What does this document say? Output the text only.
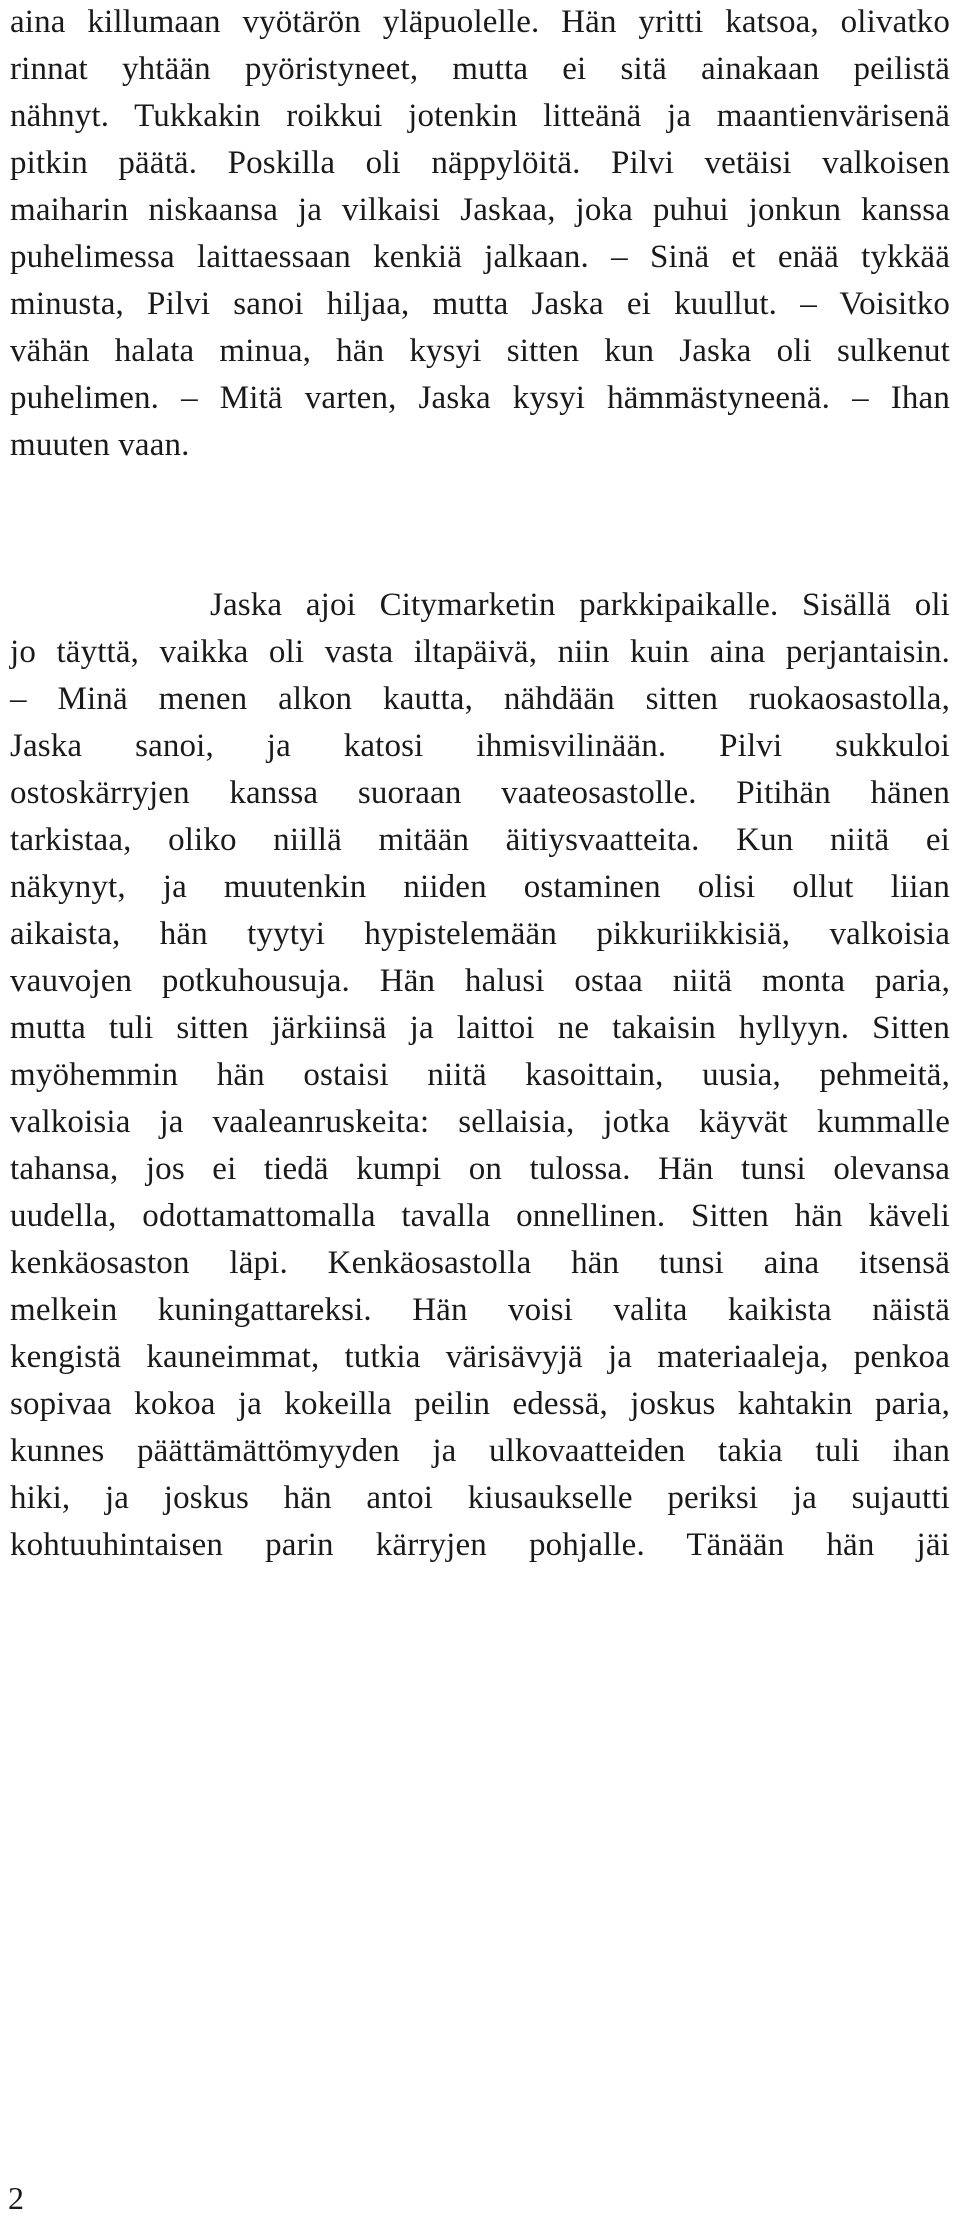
aina killumaan vyötärön yläpuolelle. Hän yritti katsoa, olivatko
rinnat yhtään pyöristyneet, mutta ei sitä ainakaan peilistä
nähnyt. Tukkakin roikkui jotenkin litteänä ja maantienvärisenä
pitkin päätä. Poskilla oli näppylöitä. Pilvi vetäisi valkoisen
maiharin niskaansa ja vilkaisi Jaskaa, joka puhui jonkun kanssa
puhelimessa laittaessaan kenkiä jalkaan. – Sinä et enää tykkää
minusta, Pilvi sanoi hiljaa, mutta Jaska ei kuullut. – Voisitko
vähän halata minua, hän kysyi sitten kun Jaska oli sulkenut
puhelimen. – Mitä varten, Jaska kysyi hämmästyneenä. – Ihan
muuten vaan.
Jaska ajoi Citymarketin parkkipaikalle. Sisällä oli
jo täyttä, vaikka oli vasta iltapäivä, niin kuin aina perjantaisin.
– Minä menen alkon kautta, nähdään sitten ruokaosastolla,
Jaska sanoi, ja katosi ihmisvilinään. Pilvi sukkuloi
ostoskärryjen kanssa suoraan vaateosastolle. Pitihän hänen
tarkistaa, oliko niillä mitään äitiysvaatteita. Kun niitä ei
näkynyt, ja muutenkin niiden ostaminen olisi ollut liian
aikaista, hän tyytyi hypistelemään pikkuriikkisiä, valkoisia
vauvojen potkuhousuja. Hän halusi ostaa niitä monta paria,
mutta tuli sitten järkiinsä ja laittoi ne takaisin hyllyyn. Sitten
myöhemmin hän ostaisi niitä kasoittain, uusia, pehmeitä,
valkoisia ja vaaleanruskeita: sellaisia, jotka käyvät kummalle
tahansa, jos ei tiedä kumpi on tulossa. Hän tunsi olevansa
uudella, odottamattomalla tavalla onnellinen. Sitten hän käveli
kenkäosaston läpi. Kenkäosastolla hän tunsi aina itsensä
melkein kuningattareksi. Hän voisi valita kaikista näistä
kengistä kauneimmat, tutkia värisävyjä ja materiaaleja, penkoa
sopivaa kokoa ja kokeilla peilin edessä, joskus kahtakin paria,
kunnes päättämättömyyden ja ulkovaatteiden takia tuli ihan
hiki, ja joskus hän antoi kiusaukselle periksi ja sujautti
kohtuuhintaisen parin kärryjen pohjalle. Tänään hän jäi
2
